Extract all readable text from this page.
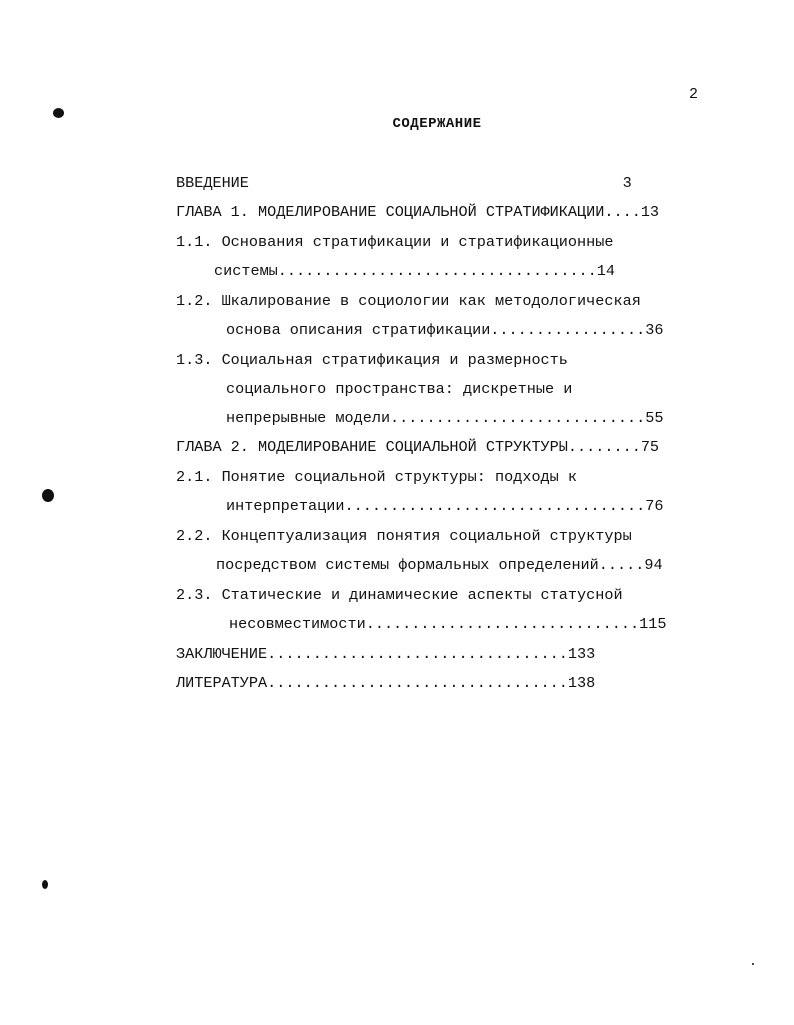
2
СОДЕРЖАНИЕ
ВВЕДЕНИЕ                                         3
ГЛАВА 1. МОДЕЛИРОВАНИЕ СОЦИАЛЬНОЙ СТРАТИФИКАЦИИ....13
1.1. Основания стратификации и стратификационные
системы...................................14
1.2. Шкалирование в социологии как методологическая
основа описания стратификации.................36
1.3. Социальная стратификация и размерность
социального пространства: дискретные и
непрерывные модели............................55
ГЛАВА 2. МОДЕЛИРОВАНИЕ СОЦИАЛЬНОЙ СТРУКТУРЫ........75
2.1. Понятие социальной структуры: подходы к
интерпретации.................................76
2.2. Концептуализация понятия социальной структуры
посредством системы формальных определений.....94
2.3. Статические и динамические аспекты статусной
несовместимости..............................115
ЗАКЛЮЧЕНИЕ.................................133
ЛИТЕРАТУРА.................................138
